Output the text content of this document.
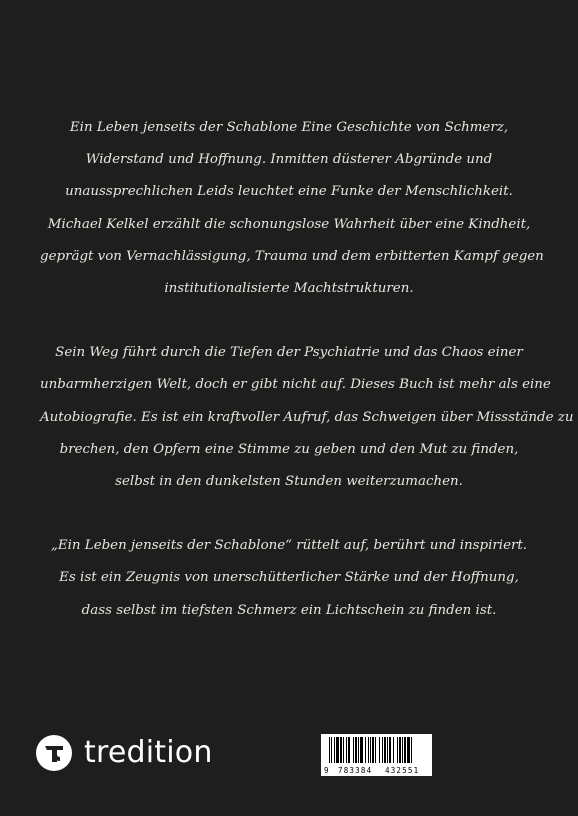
Ein Leben jenseits der Schablone Eine Geschichte von Schmerz,
Widerstand und Hoffnung. Inmitten düsterer Abgründe und
unaussprechlichen Leids leuchtet eine Funke der Menschlichkeit.
Michael Kelkel erzählt die schonungslose Wahrheit über eine Kindheit,
geprägt von Vernachlässigung, Trauma und dem erbitterten Kampf gegen
institutionalisierte Machtstrukturen.

Sein Weg führt durch die Tiefen der Psychiatrie und das Chaos einer
unbarmherzigen Welt, doch er gibt nicht auf. Dieses Buch ist mehr als eine
Autobiografie. Es ist ein kraftvoller Aufruf, das Schweigen über Missstände zu
brechen, den Opfern eine Stimme zu geben und den Mut zu finden,
selbst in den dunkelsten Stunden weiterzumachen.

„Ein Leben jenseits der Schablone“ rüttelt auf, berührt und inspiriert.
Es ist ein Zeugnis von unerschütterlicher Stärke und der Hoffnung,
dass selbst im tiefsten Schmerz ein Lichtschein zu finden ist.

tredition
9 783384 432551
